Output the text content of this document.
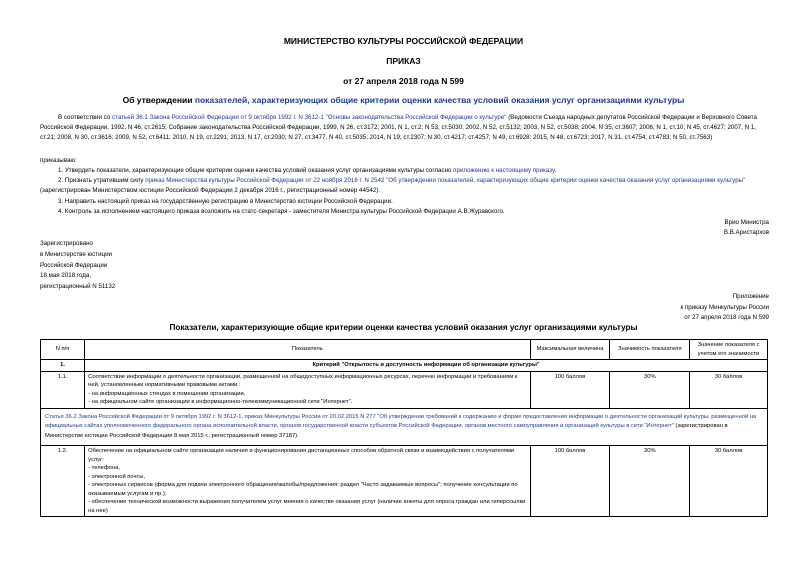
МИНИСТЕРСТВО КУЛЬТУРЫ РОССИЙСКОЙ ФЕДЕРАЦИИ
ПРИКАЗ
от 27 апреля 2018 года N 599
Об утверждении показателей, характеризующих общие критерии оценки качества условий оказания услуг организациями культуры
В соответствии со статьей 36.1 Закона Российской Федерации от 9 октября 1992 г. N 3612-1 "Основы законодательства Российской Федерации о культуре" (Ведомости Съезда народных депутатов Российской Федерации и Верховного Совета Российской Федерации, 1992, N 46, ст.2615; Собрание законодательства Российской Федерации, 1999, N 26, ст.3172; 2001, N 1, ст.2; N 53, ст.5030; 2002, N 52, ст.5132; 2003, N 52, ст.5038; 2004, N 35, ст.3607; 2006, N 1, ст.10; N 45, ст.4627; 2007, N 1, ст.21; 2008, N 30, ст.3616; 2009, N 52, ст.6411; 2010, N 19, ст.2291; 2013, N 17, ст.2030; N 27, ст.3477, N 40, ст.5035; 2014, N 19, ст.2307; N 30, ст.4217; ст.4257; N 49, ст.6928; 2015, N 48, ст.6723; 2017, N 31, ст.4754; ст.4783; N 50, ст.7563)
приказываю:
1. Утвердить показатели, характеризующие общие критерии оценки качества условий оказания услуг организациями культуры согласно приложению к настоящему приказу.
2. Признать утратившим силу приказ Министерства культуры Российской Федерации от 22 ноября 2016 г. N 2542 "Об утверждении показателей, характеризующих общие критерии оценки качества оказания услуг организациями культуры" (зарегистрирован Министерством юстиции Российской Федерации 2 декабря 2016 г., регистрационный номер 44542).
3. Направить настоящий приказ на государственную регистрацию в Министерство юстиции Российской Федерации.
4. Контроль за исполнением настоящего приказа возложить на статс-секретаря - заместителя Министра культуры Российской Федерации А.В.Журавского.
Врио Министра
В.В.Аристархов
Зарегистрировано
в Министерстве юстиции
Российской Федерации
18 мая 2018 года,
регистрационный N 51132
Приложение
к приказу Минкультуры России
от 27 апреля 2018 года N 599
Показатели, характеризующие общие критерии оценки качества условий оказания услуг организациями культуры
N п/п	Показатель	Максимальная величина	Значимость показателя	Значение показателя с учетом его значимости
1.	Критерий "Открытость и доступность информации об организации культуры"			
1.1.	Соответствие информации о деятельности организации, размещенной на общедоступных информационных ресурсах, перечню информации и требованиям к ней, установленным нормативными правовыми актами :
- на информационных стендах в помещении организации,
- на официальном сайте организации в информационно-телекоммуникационной сети "Интернет".	100 баллов	30%	30 баллов
Статья 36.2 Закона Российской Федерации от 9 октября 1992 г. N 3612-1, приказ Минкультуры России от 20.02.2015 N 277 "Об утверждении требований к содержанию и форме предоставления информации о деятельности организаций культуры, размещенной на официальных сайтах уполномоченного федерального органа исполнительной власти, органов государственной власти субъектов Российской Федерации, органов местного самоуправления и организаций культуры в сети "Интернет" (зарегистрирован в Министерстве юстиции Российской Федерации 8 мая 2015 г., регистрационный номер 37187).				
1.2.	Обеспечение на официальном сайте организации наличия и функционирования дистанционных способов обратной связи и взаимодействия с получателями услуг:
- телефона,
- электронной почты,
- электронных сервисов (форма для подачи электронного обращения/жалобы/предложения; раздел "Часто задаваемые вопросы"; получение консультации по оказываемым услугам и пр.);
- обеспечение технической возможности выражения получателем услуг мнения о качестве оказания услуг (наличие анкеты для опроса граждан или гиперссылки на нее)	100 баллов	30%	30 баллов
